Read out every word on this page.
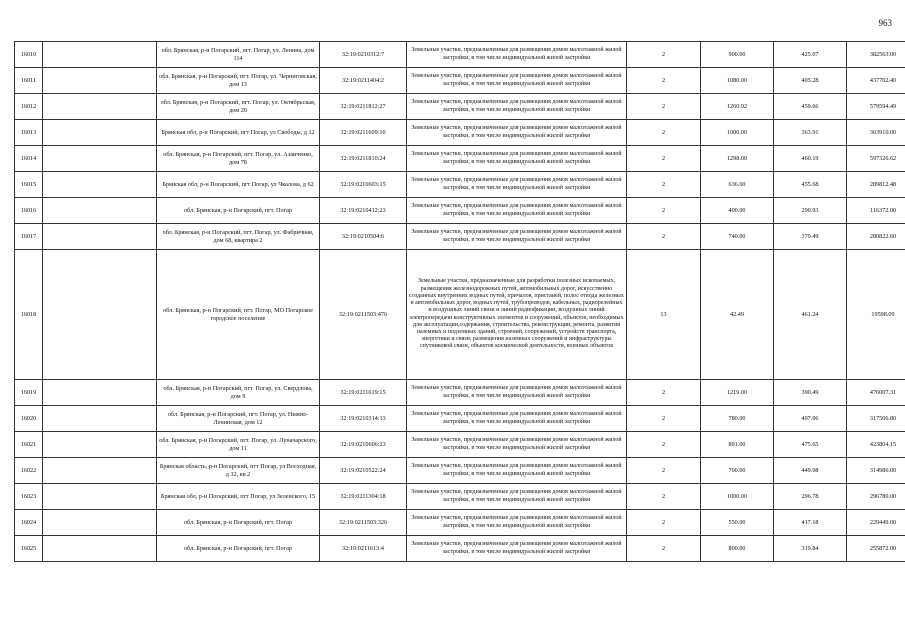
963
16010		обл. Брянская, р-н Погарский, пгт. Погар, ул. Ленина, дом 114	32:19:0210312:7	Земельные участки, предназначенные для размещения домов малоэтажной жилой застройки, в том числе индивидуальной жилой застройки	2	900.00	425.07	382563.00
16011		обл. Брянская, р-н Погарский, пгт. Погар, ул. Черниговская, дом 13	32:19:0211404:2	Земельные участки, предназначенные для размещения домов малоэтажной жилой застройки, в том числе индивидуальной жилой застройки	2	1080.00	405.28	437702.40
16012		обл. Брянская, р-н Погарский, пгт. Погар, ул. Октябрьская, дом 20	32:19:0211812:27	Земельные участки, предназначенные для размещения домов малоэтажной жилой застройки, в том числе индивидуальной жилой застройки	2	1260.92	459.66	579594.49
16013		Брянская обл, р-н Погарский, пгт Погар, ул Свободы, д 12	32:19:0211609:10	Земельные участки, предназначенные для размещения домов малоэтажной жилой застройки, в том числе индивидуальной жилой застройки	2	1000.00	363.91	363910.00
16014		обл. Брянская, р-н Погарский, пгт. Погар, ул. Азаиченко, дом 78	32:19:0211810:24	Земельные участки, предназначенные для размещения домов малоэтажной жилой застройки, в том числе индивидуальной жилой застройки	2	1298.00	460.19	597326.62
16015		Брянская обл, р-н Погарский, пгт Погар, ул Чкалова, д 62	32:19:0210603:15	Земельные участки, предназначенные для размещения домов малоэтажной жилой застройки, в том числе индивидуальной жилой застройки	2	636.00	455.68	289812.48
16016		обл. Брянская, р-н Погарский, пгт. Погар	32:19:0210412:23	Земельные участки, предназначенные для размещения домов малоэтажной жилой застройки, в том числе индивидуальной жилой застройки	2	400.00	290.93	116372.00
16017		обл. Брянская, р-н Погарский, пгт. Погар, ул. Фабричная, дом 68, квартира 2	32:19:0210504:6	Земельные участки, предназначенные для размещения домов малоэтажной жилой застройки, в том числе индивидуальной жилой застройки	2	740.00	379.49	280822.60
16018		обл. Брянская, р-н Погарский, пгт. Погар, МО Погарское городское поселение	32:19:0211503:476	Земельные участки, предназначенные для разработки полезных ископаемых, размещения железнодорожных путей, автомобильных дорог, искусственно созданных внутренних водных путей, причалов, пристаней, полос отвода железных и автомобильных дорог, водных путей, трубопроводов, кабельных, радиорелейных и воздушных линий связи и линий радиофикации, воздушных линий электропередачи конструктивных элементов и сооружений, объектов, необходимых для эксплуатации,содержания, строительства, реконструкции, ремонта, развития наземных и подземных зданий, строений, сооружений, устройств транспорта, энергетики и связи; размещения наземных сооружений и инфраструктуры спутниковой связи, объектов космической деятельности, военных объектов	13	42.49	461.24	19598.09
16019		обл. Брянская, р-н Погарский, пгт. Погар, ул. Свердлова, дом 9	32:19:0211619:15	Земельные участки, предназначенные для размещения домов малоэтажной жилой застройки, в том числе индивидуальной жилой застройки	2	1219.00	390.49	476007.31
16020		обл. Брянская, р-н Погарский, пгт. Погар, ул. Нижне-Ленинская, дом 12	32:19:0210314:13	Земельные участки, предназначенные для размещения домов малоэтажной жилой застройки, в том числе индивидуальной жилой застройки	2	780.00	407.06	317506.80
16021		обл. Брянская, р-н Погарский, пгт. Погар, ул. Луначарского, дом 11	32:19:0210606:23	Земельные участки, предназначенные для размещения домов малоэтажной жилой застройки, в том числе индивидуальной жилой застройки	2	891.00	475.65	423804.15
16022		Брянская область, р-н Погарский, пгт Погар, ул Восходная, д 32, кв 2	32:19:0210522:24	Земельные участки, предназначенные для размещения домов малоэтажной жилой застройки, в том числе индивидуальной жилой застройки	2	700.00	449.98	314986.00
16023		Брянская обл, р-н Погарский, пгт Погар, ул Зеленского, 15	32:19:0211304:18	Земельные участки, предназначенные для размещения домов малоэтажной жилой застройки, в том числе индивидуальной жилой застройки	2	1000.00	296.78	296780.00
16024		обл. Брянская, р-н Погарский, пгт. Погар	32:19:0211503:326	Земельные участки, предназначенные для размещения домов малоэтажной жилой застройки, в том числе индивидуальной жилой застройки	2	550.00	417.18	229449.00
16025		обл. Брянская, р-н Погарский, пгт. Погар	32:19:0211613:4	Земельные участки, предназначенные для размещения домов малоэтажной жилой застройки, в том числе индивидуальной жилой застройки	2	800.00	319.84	255872.00
